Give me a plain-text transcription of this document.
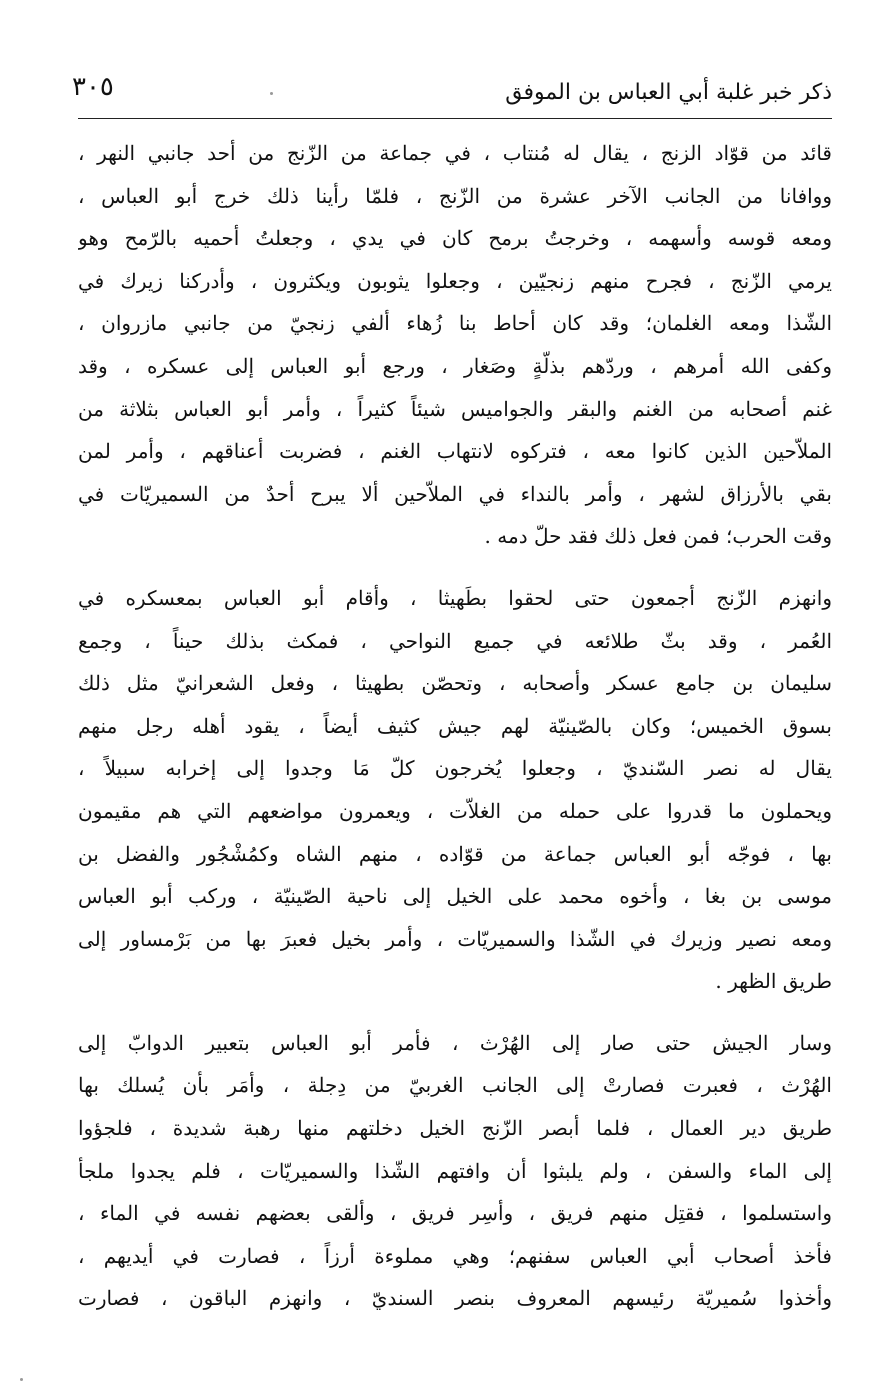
ذكر خبر غلبة أبي العباس بن الموفق
٣٠٥

قائد من قوّاد الزنج ، يقال له مُنتاب ، في جماعة من الزّنج من أحد جانبي النهر ،
ووافانا من الجانب الآخر عشرة من الزّنج ، فلمّا رأينا ذلك خرج أبو العباس ،
ومعه قوسه وأسهمه ، وخرجتُ برمح كان في يدي ، وجعلتُ أحميه بالرّمح وهو
يرمي الزّنج ، فجرح منهم زنجيّين ، وجعلوا يثوبون ويكثرون ، وأدركنا زيرك في
الشّذا ومعه الغلمان؛ وقد كان أحاط بنا زُهاء ألفي زنجيّ من جانبي مازروان ،
وكفى الله أمرهم ، وردّهم بذلّةٍ وصَغار ، ورجع أبو العباس إلى عسكره ، وقد
غنم أصحابه من الغنم والبقر والجواميس شيئاً كثيراً ، وأمر أبو العباس بثلاثة من
الملاّحين الذين كانوا معه ، فتركوه لانتهاب الغنم ، فضربت أعناقهم ، وأمر لمن
بقي بالأرزاق لشهر ، وأمر بالنداء في الملاّحين ألا يبرح أحدٌ من السميريّات في
وقت الحرب؛ فمن فعل ذلك فقد حلّ دمه .

وانهزم الزّنج أجمعون حتى لحقوا بطَهيثا ، وأقام أبو العباس بمعسكره في
العُمر ، وقد بثّ طلائعه في جميع النواحي ، فمكث بذلك حيناً ، وجمع
سليمان بن جامع عسكر وأصحابه ، وتحصّن بطهيثا ، وفعل الشعرانيّ مثل ذلك
بسوق الخميس؛ وكان بالصّينيّة لهم جيش كثيف أيضاً ، يقود أهله رجل منهم
يقال له نصر السّنديّ ، وجعلوا يُخرجون كلّ مَا وجدوا إلى إخرابه سبيلاً ،
ويحملون ما قدروا على حمله من الغلاّت ، ويعمرون مواضعهم التي هم مقيمون
بها ، فوجّه أبو العباس جماعة من قوّاده ، منهم الشاه وكمُشْجُور والفضل بن
موسى بن بغا ، وأخوه محمد على الخيل إلى ناحية الصّينيّة ، وركب أبو العباس
ومعه نصير وزيرك في الشّذا والسميريّات ، وأمر بخيل فعبرَ بها من بَرْمساور إلى
طريق الظهر .

وسار الجيش حتى صار إلى الهُرْث ، فأمر أبو العباس بتعبير الدوابّ إلى
الهُرْث ، فعبرت فصارتْ إلى الجانب الغربيّ من دِجلة ، وأمَر بأن يُسلك بها
طريق دير العمال ، فلما أبصر الزّنج الخيل دخلتهم منها رهبة شديدة ، فلجؤوا
إلى الماء والسفن ، ولم يلبثوا أن وافتهم الشّذا والسميريّات ، فلم يجدوا ملجأ
واستسلموا ، فقتِل منهم فريق ، وأسِر فريق ، وألقى بعضهم نفسه في الماء ،
فأخذ أصحاب أبي العباس سفنهم؛ وهي مملوءة أرزاً ، فصارت في أيديهم ،
وأخذوا سُميريّة رئيسهم المعروف بنصر السنديّ ، وانهزم الباقون ، فصارت
